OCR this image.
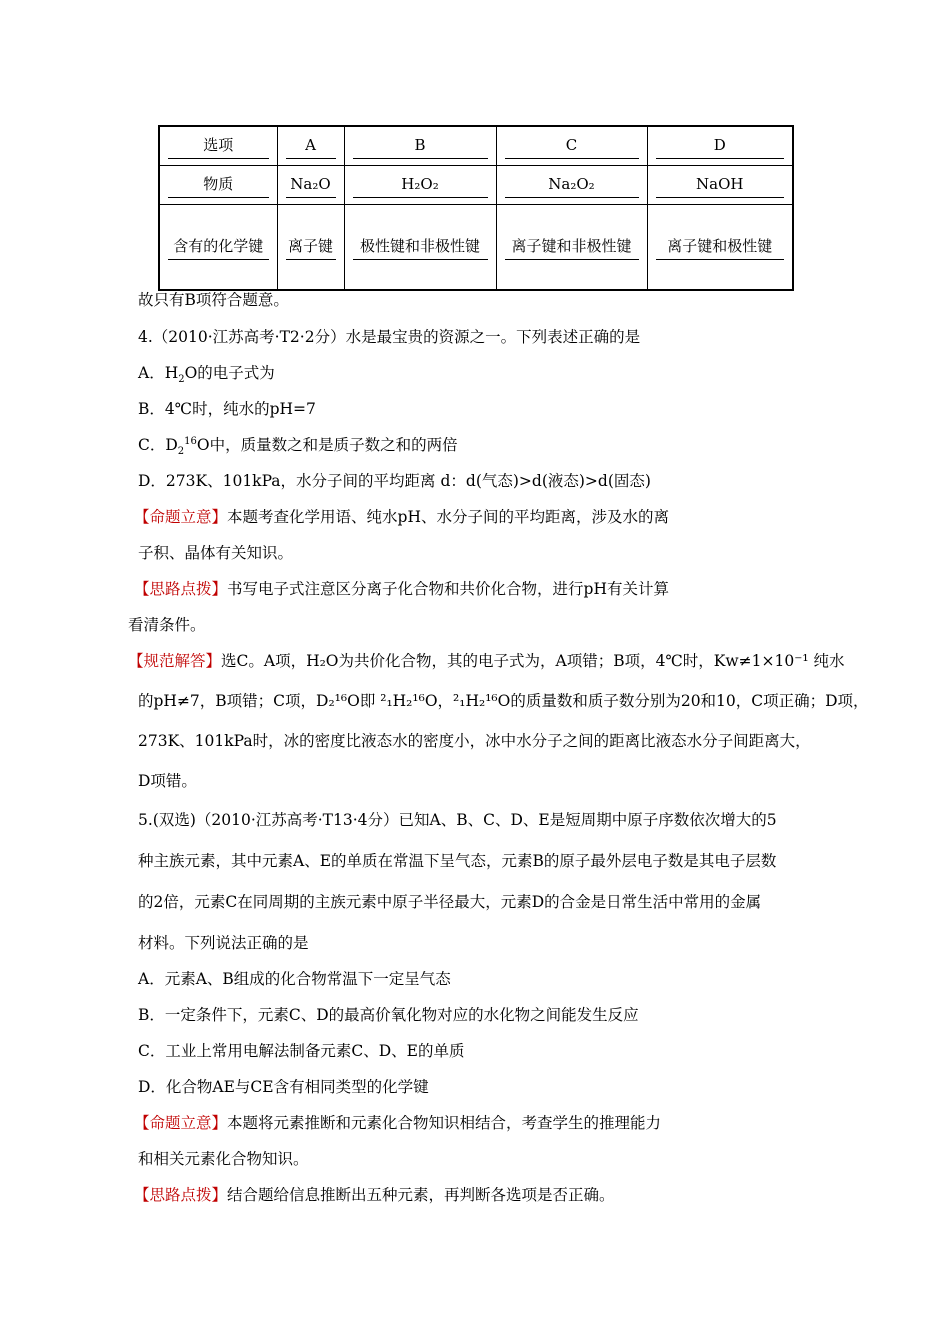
选项	A	B	C	D

物质	Na₂O	H₂O₂	Na₂O₂	NaOH

含有的化学键	离子键	极性键和非极性键	离子键和非极性键	离子键和极性键
故只有B项符合题意。
4.（2010·江苏高考·T2·2分）水是最宝贵的资源之一。下列表述正确的是
A．$H_2O$的电子式为
B．4℃时，纯水的pH=7
C．$D_2^{16}O$中，质量数之和是质子数之和的两倍
D．273K、101kPa，水分子间的平均距离 d：d(气态)>d(液态)>d(固态)
【命题立意】本题考查化学用语、纯水pH、水分子间的平均距离，涉及水的离
子积、晶体有关知识。
【思路点拨】书写电子式注意区分离子化合物和共价化合物，进行pH有关计算
看清条件。
【规范解答】选C。A项，H₂O为共价化合物，其的电子式为，A项错；B项，4℃时，Kw≠1×10⁻¹ 纯水
的pH≠7，B项错；C项，D₂¹⁶O即 ²₁H₂¹⁶O，²₁H₂¹⁶O的质量数和质子数分别为20和10，C项正确；D项，
273K、101kPa时，冰的密度比液态水的密度小，冰中水分子之间的距离比液态水分子间距离大，
D项错。
5.(双选)（2010·江苏高考·T13·4分）已知A、B、C、D、E是短周期中原子序数依次增大的5
种主族元素，其中元素A、E的单质在常温下呈气态，元素B的原子最外层电子数是其电子层数
的2倍，元素C在同周期的主族元素中原子半径最大，元素D的合金是日常生活中常用的金属
材料。下列说法正确的是
A．元素A、B组成的化合物常温下一定呈气态
B．一定条件下，元素C、D的最高价氧化物对应的水化物之间能发生反应
C．工业上常用电解法制备元素C、D、E的单质
D．化合物AE与CE含有相同类型的化学键
【命题立意】本题将元素推断和元素化合物知识相结合，考查学生的推理能力
和相关元素化合物知识。
【思路点拨】结合题给信息推断出五种元素，再判断各选项是否正确。
